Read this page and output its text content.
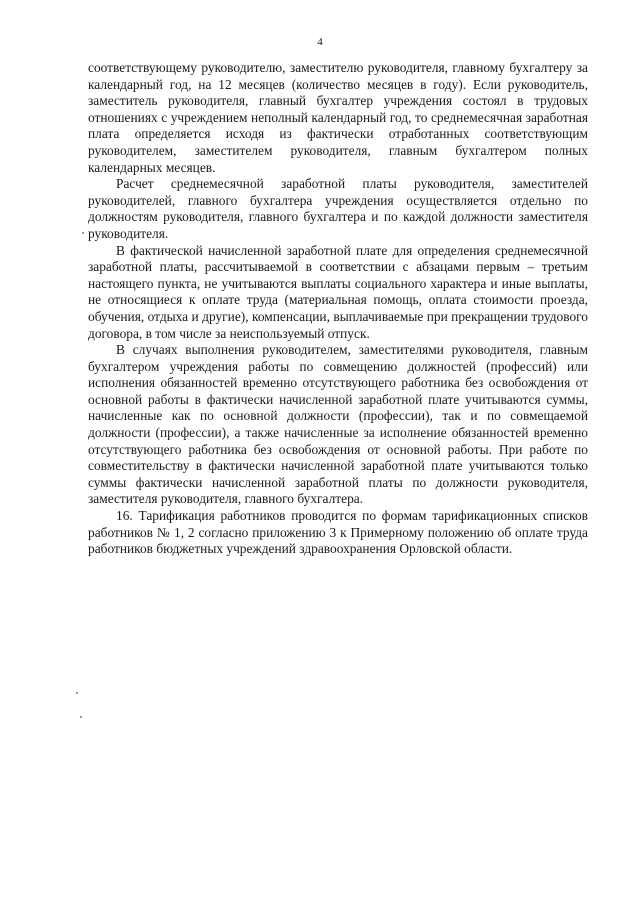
4

соответствующему руководителю, заместителю руководителя, главному бухгалтеру за календарный год, на 12 месяцев (количество месяцев в году). Если руководитель, заместитель руководителя, главный бухгалтер учреждения состоял в трудовых отношениях с учреждением неполный календарный год, то среднемесячная заработная плата определяется исходя из фактически отработанных соответствующим руководителем, заместителем руководителя, главным бухгалтером полных календарных месяцев.

Расчет среднемесячной заработной платы руководителя, заместителей руководителей, главного бухгалтера учреждения осуществляется отдельно по должностям руководителя, главного бухгалтера и по каждой должности заместителя руководителя.

В фактической начисленной заработной плате для определения среднемесячной заработной платы, рассчитываемой в соответствии с абзацами первым – третьим настоящего пункта, не учитываются выплаты социального характера и иные выплаты, не относящиеся к оплате труда (материальная помощь, оплата стоимости проезда, обучения, отдыха и другие), компенсации, выплачиваемые при прекращении трудового договора, в том числе за неиспользуемый отпуск.

В случаях выполнения руководителем, заместителями руководителя, главным бухгалтером учреждения работы по совмещению должностей (профессий) или исполнения обязанностей временно отсутствующего работника без освобождения от основной работы в фактически начисленной заработной плате учитываются суммы, начисленные как по основной должности (профессии), так и по совмещаемой должности (профессии), а также начисленные за исполнение обязанностей временно отсутствующего работника без освобождения от основной работы. При работе по совместительству в фактически начисленной заработной плате учитываются только суммы фактически начисленной заработной платы по должности руководителя, заместителя руководителя, главного бухгалтера.

16. Тарификация работников проводится по формам тарификационных списков работников № 1, 2 согласно приложению 3 к Примерному положению об оплате труда работников бюджетных учреждений здравоохранения Орловской области.
